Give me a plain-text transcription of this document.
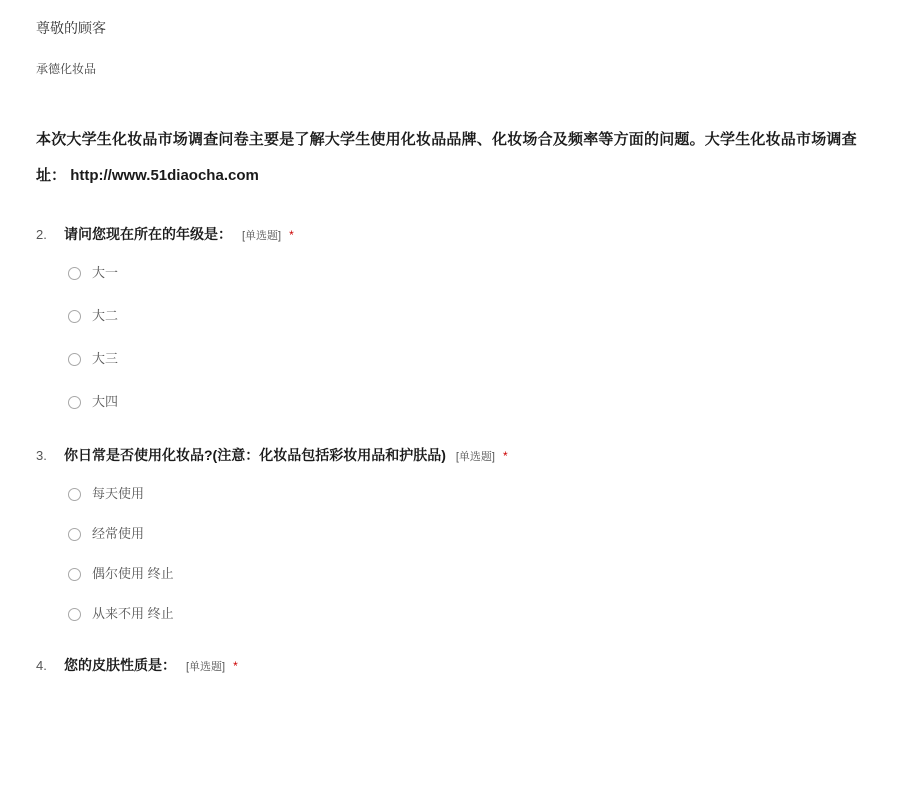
尊敬的顾客
承德化妆品
本次大学生化妆品市场调查问卷主要是了解大学生使用化妆品品牌、化妆场合及频率等方面的问题。大学生化妆品市场调查
址： http://www.51diaocha.com
2.	请问您现在所在的年级是： [单选题] *
大一
大二
大三
大四
3.	你日常是否使用化妆品?(注意：化妆品包括彩妆用品和护肤品) [单选题] *
每天使用
经常使用
偶尔使用 终止
从来不用 终止
4.	您的皮肤性质是： [单选题] *
